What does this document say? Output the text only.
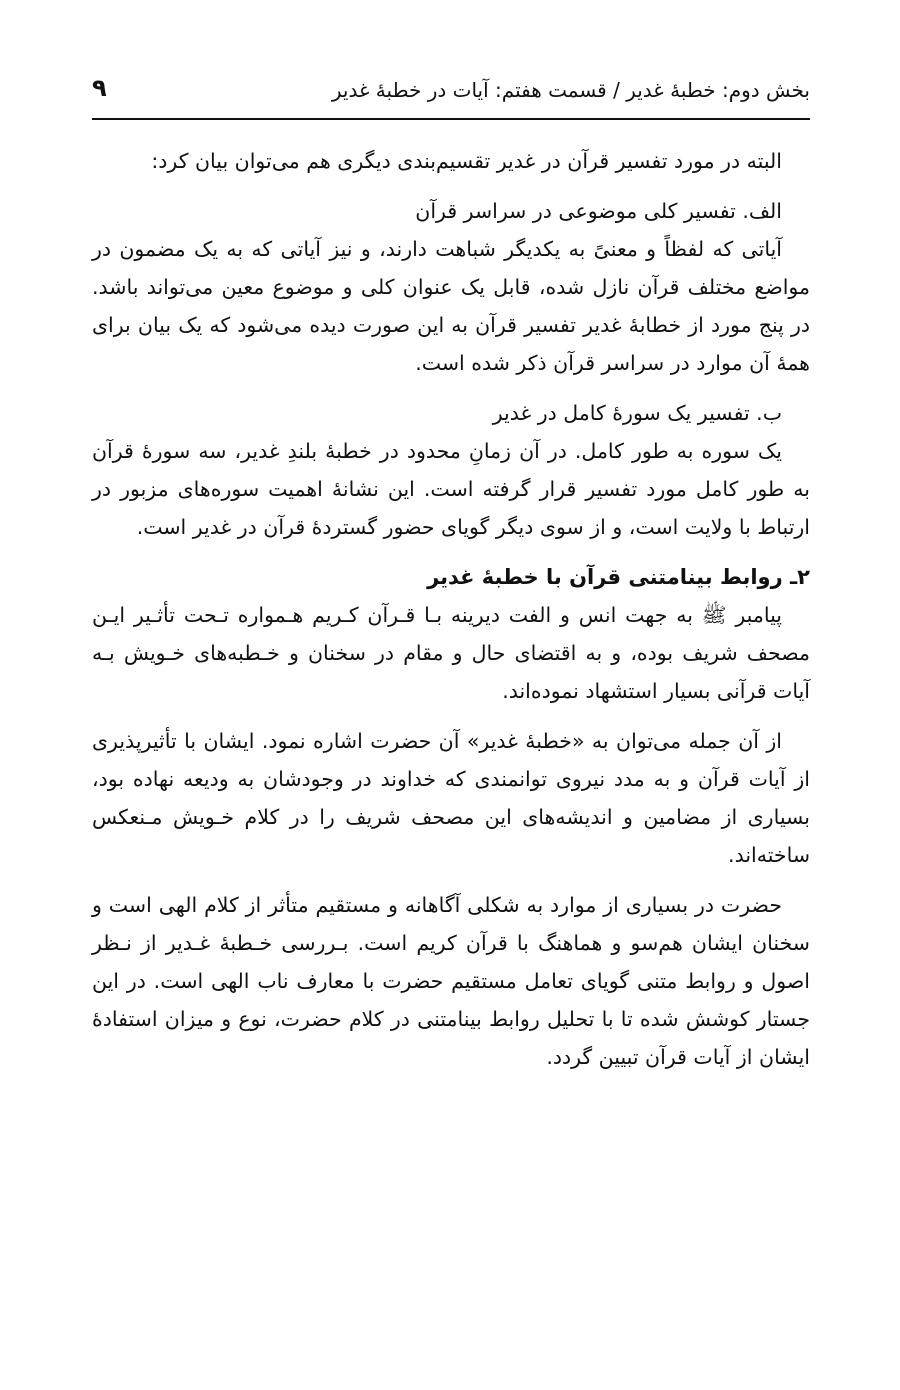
بخش دوم: خطبهٔ غدیر / قسمت هفتم: آیات در خطبهٔ غدیر
۹

البته در مورد تفسیر قرآن در غدیر تقسیم‌بندی دیگری هم می‌توان بیان کرد:

الف. تفسیر کلی موضوعی در سراسر قرآن

آیاتی که لفظاً و معنیً به یکدیگر شباهت دارند، و نیز آیاتی که به یک مضمون در مواضع مختلف قرآن نازل شده، قابل یک عنوان کلی و موضوع معین می‌تواند باشد. در پنج مورد از خطابهٔ غدیر تفسیر قرآن به این صورت دیده می‌شود که یک بیان برای همهٔ آن موارد در سراسر قرآن ذکر شده است.

ب. تفسیر یک سورهٔ کامل در غدیر

یک سوره به طور کامل. در آن زمانِ محدود در خطبهٔ بلندِ غدیر، سه سورهٔ قرآن به طور کامل مورد تفسیر قرار گرفته است. این نشانهٔ اهمیت سوره‌های مزبور در ارتباط با ولایت است، و از سوی دیگر گویای حضور گستردهٔ قرآن در غدیر است.

۲ـ روابط بینامتنی قرآن با خطبهٔ غدیر

پیامبر ﷺ به جهت انس و الفت دیرینه بـا قـرآن کـریم هـمواره تـحت تأثـیر ایـن مصحف شریف بوده، و به اقتضای حال و مقام در سخنان و خـطبه‌های خـویش بـه آیات قرآنی بسیار استشهاد نموده‌اند.

از آن جمله می‌توان به «خطبهٔ غدیر» آن حضرت اشاره نمود. ایشان با تأثیرپذیری از آیات قرآن و به مدد نیروی توانمندی که خداوند در وجودشان به ودیعه نهاده بود، بسیاری از مضامین و اندیشه‌های این مصحف شریف را در کلام خـویش مـنعکس ساخته‌اند.

حضرت در بسیاری از موارد به شکلی آگاهانه و مستقیم متأثر از کلام الهی است و سخنان ایشان هم‌سو و هماهنگ با قرآن کریم است. بـررسی خـطبهٔ غـدیر از نـظر اصول و روابط متنی گویای تعامل مستقیم حضرت با معارف ناب الهی است. در این جستار کوشش شده تا با تحلیل روابط بینامتنی در کلام حضرت، نوع و میزان استفادهٔ ایشان از آیات قرآن تبیین گردد.
